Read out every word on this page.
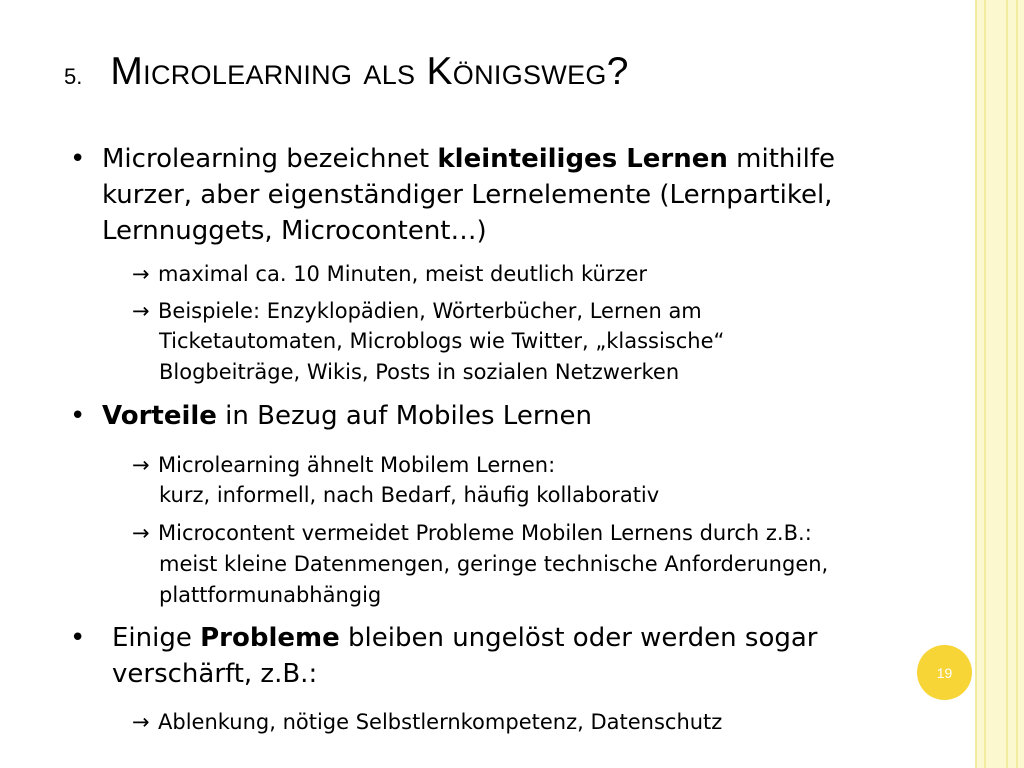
5. Microlearning als Königsweg?
• Microlearning bezeichnet kleinteiliges Lernen mithilfe
kurzer, aber eigenständiger Lernelemente (Lernpartikel,
Lernnuggets, Microcontent…)
→ maximal ca. 10 Minuten, meist deutlich kürzer
→ Beispiele: Enzyklopädien, Wörterbücher, Lernen am
Ticketautomaten, Microblogs wie Twitter, „klassische“
Blogbeiträge, Wikis, Posts in sozialen Netzwerken
• Vorteile in Bezug auf Mobiles Lernen
→ Microlearning ähnelt Mobilem Lernen:
kurz, informell, nach Bedarf, häufig kollaborativ
→ Microcontent vermeidet Probleme Mobilen Lernens durch z.B.:
meist kleine Datenmengen, geringe technische Anforderungen,
plattformunabhängig
• Einige Probleme bleiben ungelöst oder werden sogar
verschärft, z.B.:
→ Ablenkung, nötige Selbstlernkompetenz, Datenschutz
19
